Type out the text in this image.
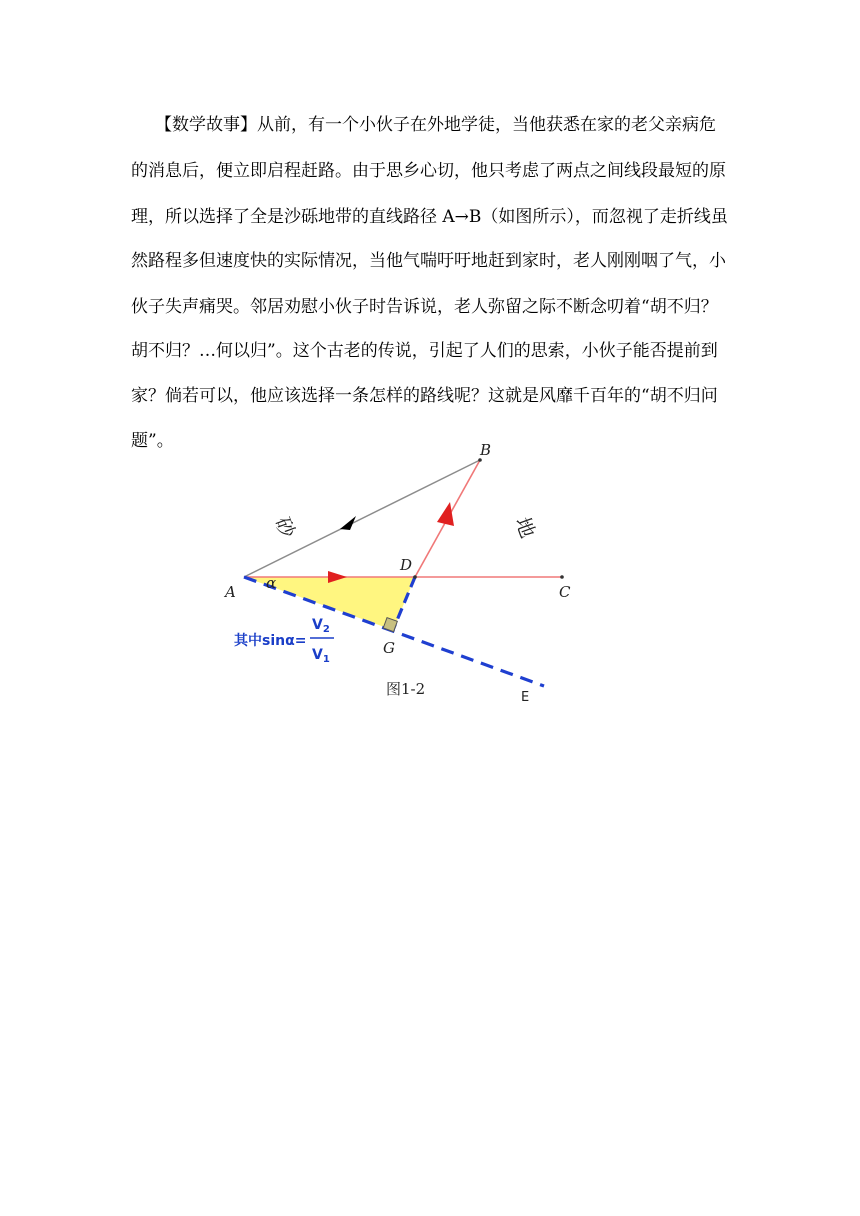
【数学故事】从前，有一个小伙子在外地学徒，当他获悉在家的老父亲病危
的消息后，便立即启程赶路。由于思乡心切，他只考虑了两点之间线段最短的原
理，所以选择了全是沙砾地带的直线路径 A→B（如图所示），而忽视了走折线虽
然路程多但速度快的实际情况，当他气喘吁吁地赶到家时，老人刚刚咽了气，小
伙子失声痛哭。邻居劝慰小伙子时告诉说，老人弥留之际不断念叨着“胡不归？
胡不归？…何以归”。这个古老的传说，引起了人们的思索，小伙子能否提前到
家？倘若可以，他应该选择一条怎样的路线呢？这就是风靡千百年的“胡不归问
题”。	B
A	C
D
G
E
α
砂	地
其中sinα=
$V_2$
$V_1$
图1-2
